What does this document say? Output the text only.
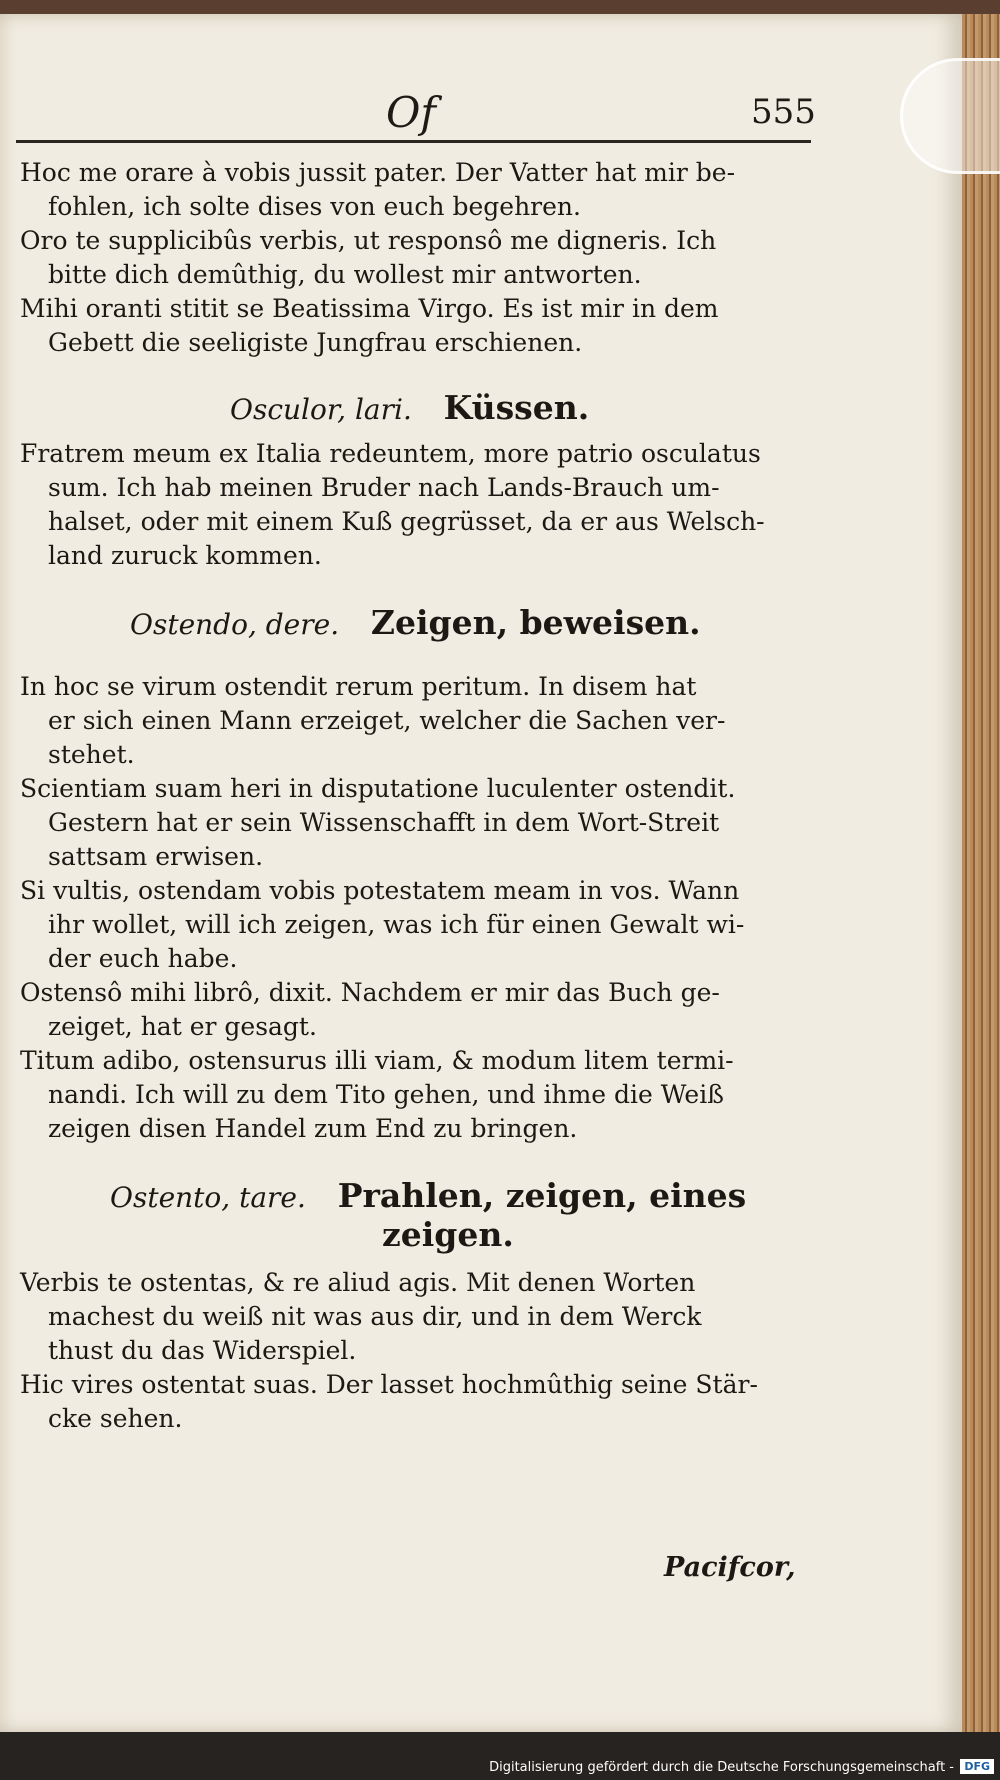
Of	555
Hoc me orare à vobis jussit pater. Der Vatter hat mir be-
fohlen, ich solte dises von euch begehren.
Oro te supplicibûs verbis, ut responsô me digneris. Ich
bitte dich demûthig, du wollest mir antworten.
Mihi oranti stitit se Beatissima Virgo. Es ist mir in dem
Gebett die seeligiste Jungfrau erschienen.
Osculor, lari. Küssen.
Fratrem meum ex Italia redeuntem, more patrio osculatus
sum. Ich hab meinen Bruder nach Lands-Brauch um-
halset, oder mit einem Kuß gegrüsset, da er aus Welsch-
land zuruck kommen.
Ostendo, dere. Zeigen, beweisen.
In hoc se virum ostendit rerum peritum. In disem hat
er sich einen Mann erzeiget, welcher die Sachen ver-
stehet.
Scientiam suam heri in disputatione luculenter ostendit.
Gestern hat er sein Wissenschafft in dem Wort-Streit
sattsam erwisen.
Si vultis, ostendam vobis potestatem meam in vos. Wann
ihr wollet, will ich zeigen, was ich für einen Gewalt wi-
der euch habe.
Ostensô mihi librô, dixit. Nachdem er mir das Buch ge-
zeiget, hat er gesagt.
Titum adibo, ostensurus illi viam, & modum litem termi-
nandi. Ich will zu dem Tito gehen, und ihme die Weiß
zeigen disen Handel zum End zu bringen.
Ostento, tare. Prahlen, zeigen, eines
zeigen.
Verbis te ostentas, & re aliud agis. Mit denen Worten
machest du weiß nit was aus dir, und in dem Werck
thust du das Widerspiel.
Hic vires ostentat suas. Der lasset hochmûthig seine Stär-
cke sehen.
Pacifcor,
Digitalisierung gefördert durch die Deutsche Forschungsgemeinschaft - DFG
